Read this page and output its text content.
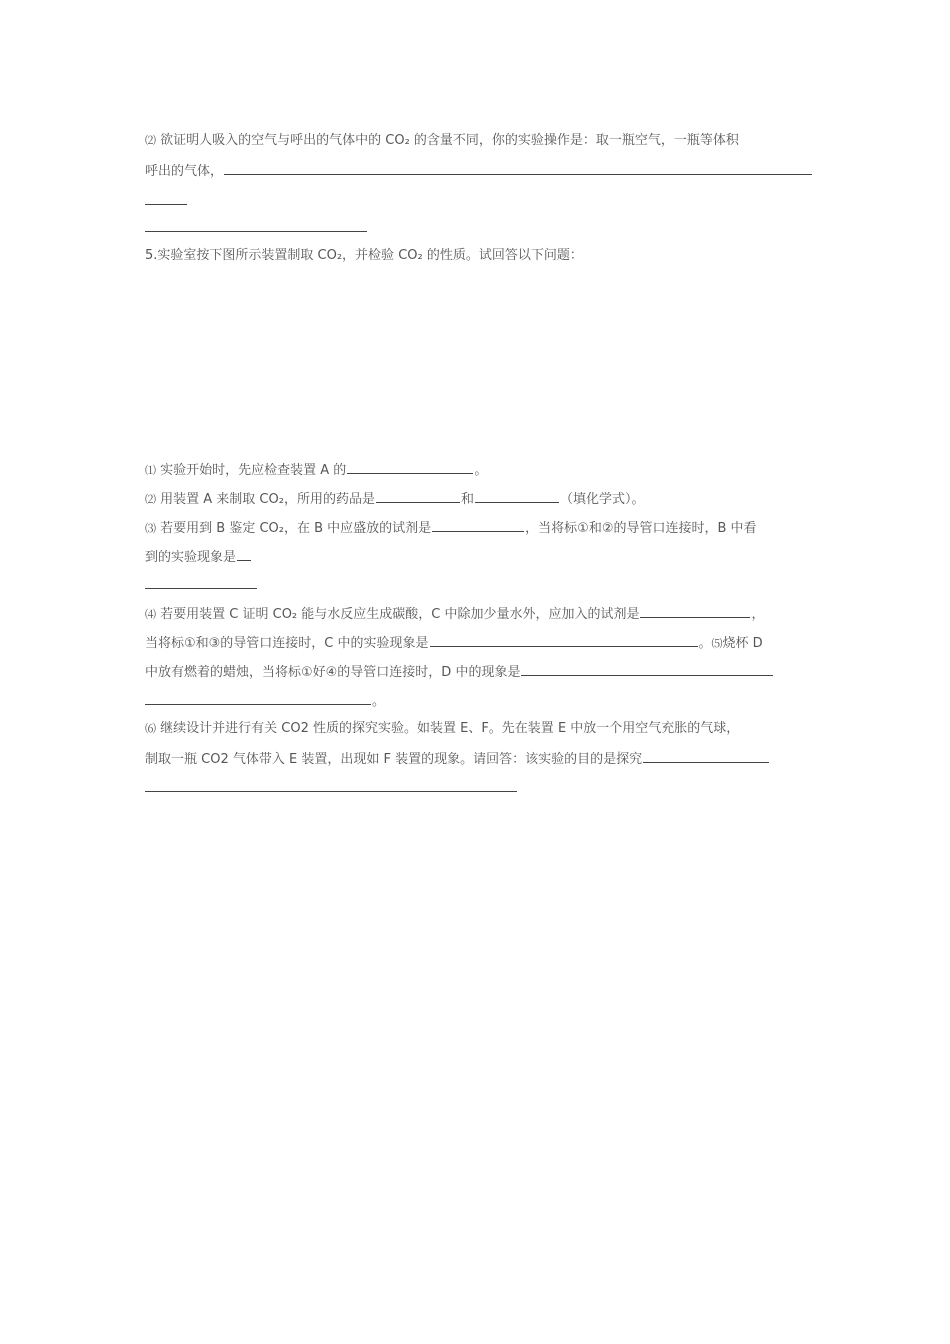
⑵ 欲证明人吸入的空气与呼出的气体中的 CO₂ 的含量不同，你的实验操作是：取一瓶空气，一瓶等体积
呼出的气体，
5.实验室按下图所示装置制取 CO₂，并检验 CO₂ 的性质。试回答以下问题：
⑴ 实验开始时，先应检查装置 A 的	。
⑵ 用装置 A 来制取 CO₂，所用的药品是	和	（填化学式）。
⑶ 若要用到 B 鉴定 CO₂，在 B 中应盛放的试剂是	，当将标①和②的导管口连接时，B 中看
到的实验现象是
⑷ 若要用装置 C 证明 CO₂ 能与水反应生成碳酸，C 中除加少量水外，应加入的试剂是	，
当将标①和③的导管口连接时，C 中的实验现象是	。⑸烧杯 D
中放有燃着的蜡烛，当将标①好④的导管口连接时，D 中的现象是
。
⑹ 继续设计并进行有关 CO2 性质的探究实验。如装置 E、F。先在装置 E 中放一个用空气充胀的气球，
制取一瓶 CO2 气体带入 E 装置，出现如 F 装置的现象。请回答：该实验的目的是探究
